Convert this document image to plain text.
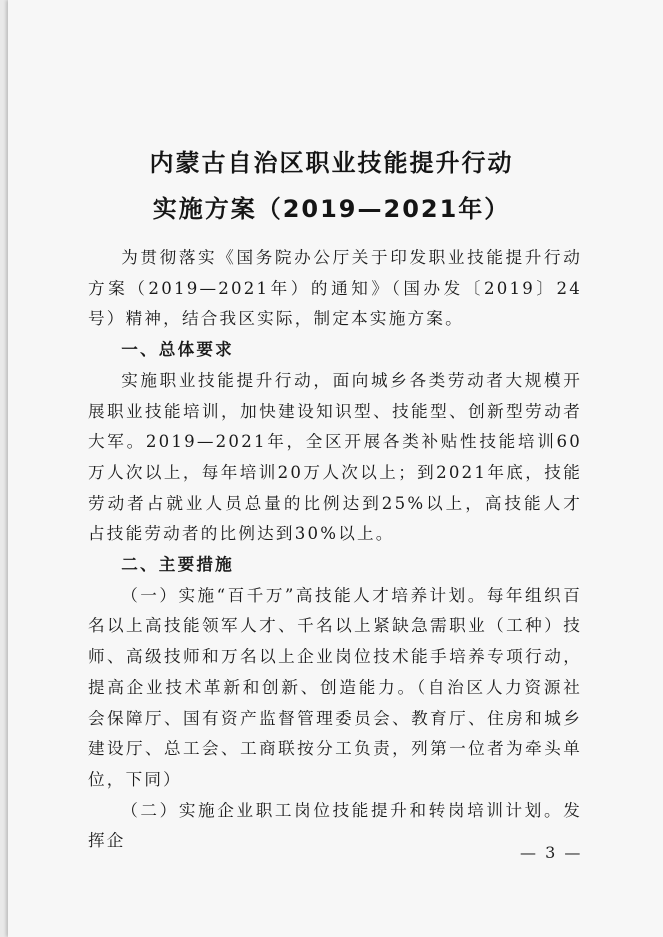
内蒙古自治区职业技能提升行动
实施方案（2019—2021年）

为贯彻落实《国务院办公厅关于印发职业技能提升行动方案（2019—2021年）的通知》（国办发〔2019〕24号）精神，结合我区实际，制定本实施方案。

一、总体要求

实施职业技能提升行动，面向城乡各类劳动者大规模开展职业技能培训，加快建设知识型、技能型、创新型劳动者大军。2019—2021年，全区开展各类补贴性技能培训60万人次以上，每年培训20万人次以上；到2021年底，技能劳动者占就业人员总量的比例达到25%以上，高技能人才占技能劳动者的比例达到30%以上。

二、主要措施

（一）实施“百千万”高技能人才培养计划。每年组织百名以上高技能领军人才、千名以上紧缺急需职业（工种）技师、高级技师和万名以上企业岗位技术能手培养专项行动，提高企业技术革新和创新、创造能力。（自治区人力资源社会保障厅、国有资产监督管理委员会、教育厅、住房和城乡建设厅、总工会、工商联按分工负责，列第一位者为牵头单位，下同）

（二）实施企业职工岗位技能提升和转岗培训计划。发挥企

— 3 —
